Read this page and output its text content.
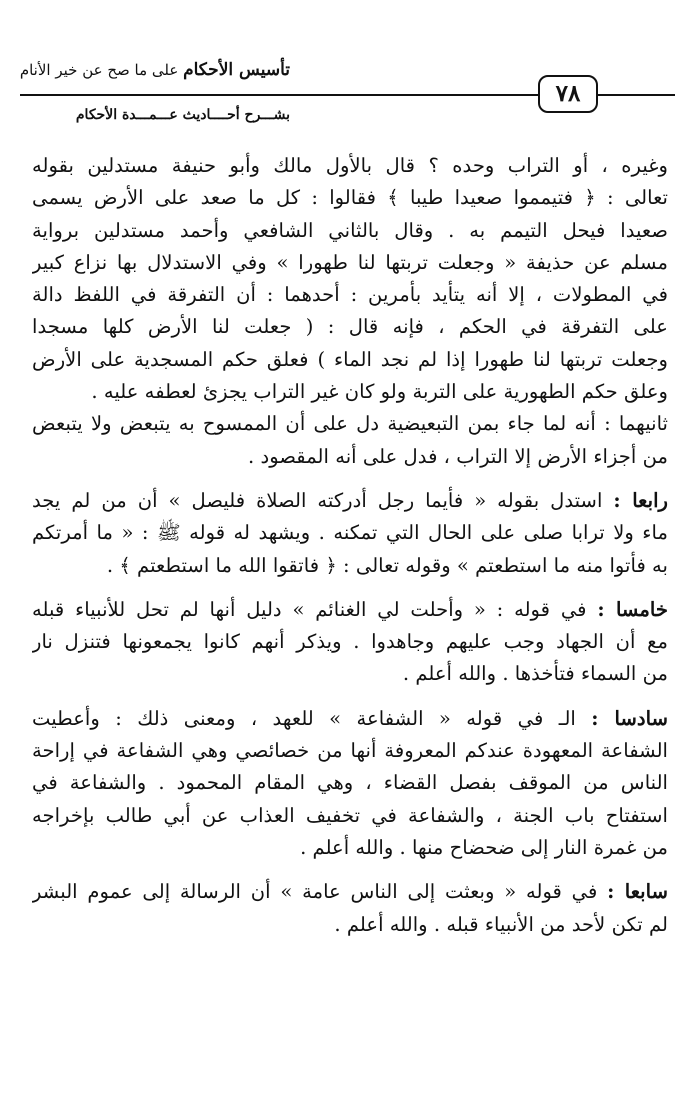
تأسيس الأحكام على ما صح عن خير الأنام
بشـــرح أحــــاديث عـــمـــدة الأحكام
٧٨
وغيره ، أو التراب وحده ؟ قال بالأول مالك وأبو حنيفة مستدلين بقوله
تعالى : ﴿ فتيمموا صعيدا طيبا ﴾ فقالوا : كل ما صعد على الأرض يسمى
صعيدا فيحل التيمم به . وقال بالثاني الشافعي وأحمد مستدلين برواية
مسلم عن حذيفة « وجعلت تربتها لنا طهورا » وفي الاستدلال بها نزاع كبير
في المطولات ، إلا أنه يتأيد بأمرين : أحدهما : أن التفرقة في اللفظ دالة
على التفرقة في الحكم ، فإنه قال : ( جعلت لنا الأرض كلها مسجدا
وجعلت تربتها لنا طهورا إذا لم نجد الماء ) فعلق حكم المسجدية على الأرض
وعلق حكم الطهورية على التربة ولو كان غير التراب يجزئ لعطفه عليه .
ثانيهما : أنه لما جاء بمن التبعيضية دل على أن الممسوح به يتبعض ولا يتبعض
من أجزاء الأرض إلا التراب ، فدل على أنه المقصود .
رابعا : استدل بقوله « فأيما رجل أدركته الصلاة فليصل » أن من لم يجد
ماء ولا ترابا صلى على الحال التي تمكنه . ويشهد له قوله ﷺ : « ما أمرتكم
به فأتوا منه ما استطعتم » وقوله تعالى : ﴿ فاتقوا الله ما استطعتم ﴾ .
خامسا : في قوله : « وأحلت لي الغنائم » دليل أنها لم تحل للأنبياء قبله
مع أن الجهاد وجب عليهم وجاهدوا . ويذكر أنهم كانوا يجمعونها فتنزل نار
من السماء فتأخذها . والله أعلم .
سادسا : الـ في قوله « الشفاعة » للعهد ، ومعنى ذلك : وأعطيت
الشفاعة المعهودة عندكم المعروفة أنها من خصائصي وهي الشفاعة في إراحة
الناس من الموقف بفصل القضاء ، وهي المقام المحمود . والشفاعة في
استفتاح باب الجنة ، والشفاعة في تخفيف العذاب عن أبي طالب بإخراجه
من غمرة النار إلى ضحضاح منها . والله أعلم .
سابعا : في قوله « وبعثت إلى الناس عامة » أن الرسالة إلى عموم البشر
لم تكن لأحد من الأنبياء قبله . والله أعلم .
